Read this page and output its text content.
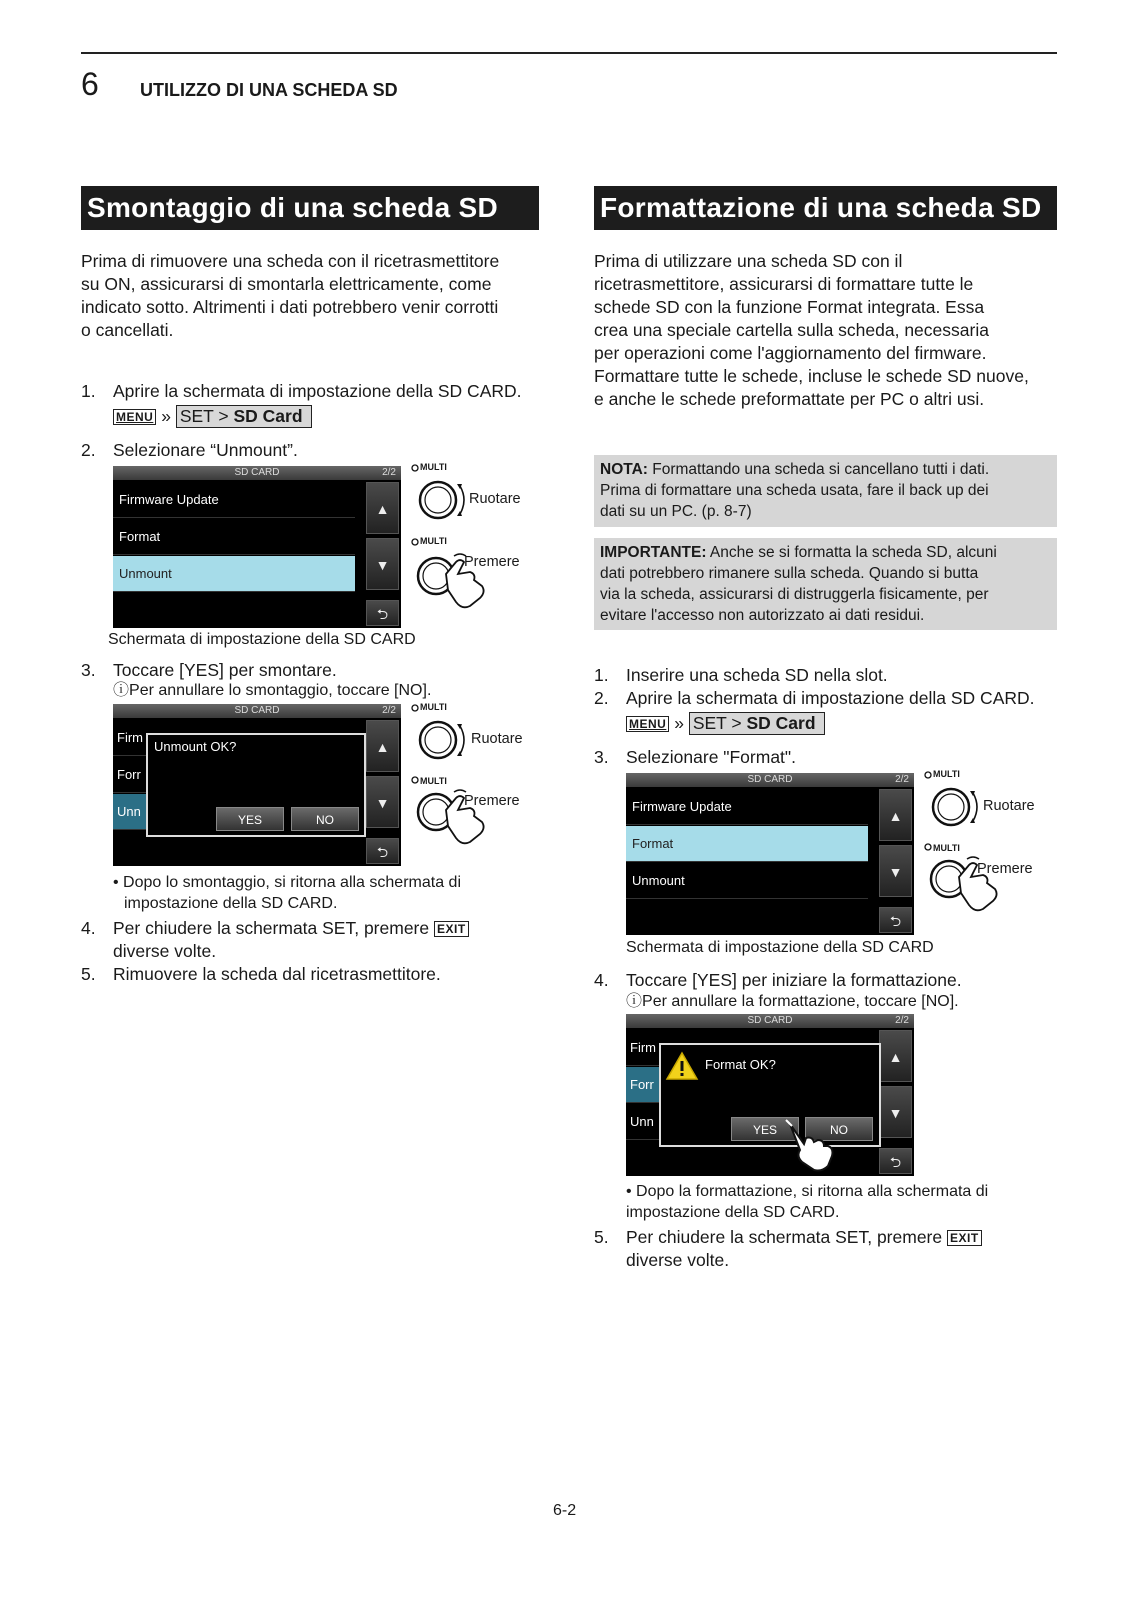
6 UTILIZZO DI UNA SCHEDA SD
Smontaggio di una scheda SD
Prima di rimuovere una scheda con il ricetrasmettitore
su ON, assicurarsi di smontarla elettricamente, come
indicato sotto. Altrimenti i dati potrebbero venir corrotti
o cancellati.
1. Aprire la schermata di impostazione della SD CARD.
MENU » SET > SD Card
2. Selezionare “Unmount”.
SD CARD	2/2
Firmware Update
Format
Unmount
▲
▼
⮌
MULTI
Ruotare
MULTI
Premere
Schermata di impostazione della SD CARD
3. Toccare [YES] per smontare.
ⓘPer annullare lo smontaggio, toccare [NO].
SD CARD	2/2
Firm
Forr
Unn
▲
▼
⮌
Unmount OK?
YES	NO
MULTI
Ruotare
MULTI
Premere
• Dopo lo smontaggio, si ritorna alla schermata di
impostazione della SD CARD.
4. Per chiudere la schermata SET, premere EXIT
diverse volte.
5. Rimuovere la scheda dal ricetrasmettitore.
Formattazione di una scheda SD
Prima di utilizzare una scheda SD con il
ricetrasmettitore, assicurarsi di formattare tutte le
schede SD con la funzione Format integrata. Essa
crea una speciale cartella sulla scheda, necessaria
per operazioni come l'aggiornamento del firmware.
Formattare tutte le schede, incluse le schede SD nuove,
e anche le schede preformattate per PC o altri usi.
NOTA: Formattando una scheda si cancellano tutti i dati.
Prima di formattare una scheda usata, fare il back up dei
dati su un PC. (p. 8-7)
IMPORTANTE: Anche se si formatta la scheda SD, alcuni
dati potrebbero rimanere sulla scheda. Quando si butta
via la scheda, assicurarsi di distruggerla fisicamente, per
evitare l'accesso non autorizzato ai dati residui.
1. Inserire una scheda SD nella slot.
2. Aprire la schermata di impostazione della SD CARD.
MENU » SET > SD Card
3. Selezionare "Format".
SD CARD	2/2
Firmware Update
Format
Unmount
▲
▼
⮌
MULTI
Ruotare
MULTI
Premere
Schermata di impostazione della SD CARD
4. Toccare [YES] per iniziare la formattazione.
ⓘPer annullare la formattazione, toccare [NO].
SD CARD	2/2
Firm
Forr
Unn
▲
▼
⮌
Format OK?
YES	NO
• Dopo la formattazione, si ritorna alla schermata di
impostazione della SD CARD.
5. Per chiudere la schermata SET, premere EXIT
diverse volte.
6-2
